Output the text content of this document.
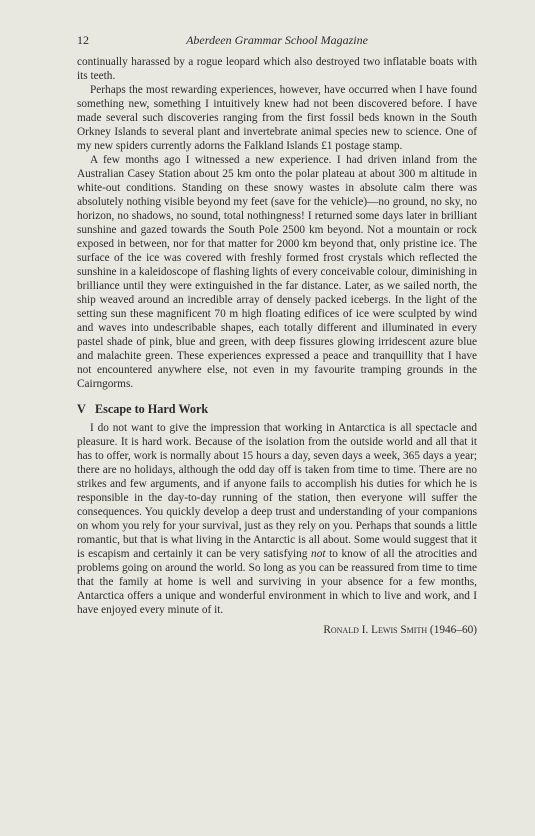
12	Aberdeen Grammar School Magazine

continually harassed by a rogue leopard which also destroyed two inflatable boats with its teeth.

Perhaps the most rewarding experiences, however, have occurred when I have found something new, something I intuitively knew had not been discovered before. I have made several such discoveries ranging from the first fossil beds known in the South Orkney Islands to several plant and invertebrate animal species new to science. One of my new spiders currently adorns the Falkland Islands £1 postage stamp.

A few months ago I witnessed a new experience. I had driven inland from the Australian Casey Station about 25 km onto the polar plateau at about 300 m altitude in white-out conditions. Standing on these snowy wastes in absolute calm there was absolutely nothing visible beyond my feet (save for the vehicle)—no ground, no sky, no horizon, no shadows, no sound, total nothingness! I returned some days later in brilliant sunshine and gazed towards the South Pole 2500 km beyond. Not a mountain or rock exposed in between, nor for that matter for 2000 km beyond that, only pristine ice. The surface of the ice was covered with freshly formed frost crystals which reflected the sunshine in a kaleidoscope of flashing lights of every conceivable colour, diminishing in brilliance until they were extinguished in the far distance. Later, as we sailed north, the ship weaved around an incredible array of densely packed icebergs. In the light of the setting sun these magnificent 70 m high floating edifices of ice were sculpted by wind and waves into undescribable shapes, each totally different and illuminated in every pastel shade of pink, blue and green, with deep fissures glowing irridescent azure blue and malachite green. These experiences expressed a peace and tranquillity that I have not encountered anywhere else, not even in my favourite tramping grounds in the Cairngorms.

V Escape to Hard Work

I do not want to give the impression that working in Antarctica is all spectacle and pleasure. It is hard work. Because of the isolation from the outside world and all that it has to offer, work is normally about 15 hours a day, seven days a week, 365 days a year; there are no holidays, although the odd day off is taken from time to time. There are no strikes and few arguments, and if anyone fails to accomplish his duties for which he is responsible in the day-to-day running of the station, then everyone will suffer the consequences. You quickly develop a deep trust and understanding of your companions on whom you rely for your survival, just as they rely on you. Perhaps that sounds a little romantic, but that is what living in the Antarctic is all about. Some would suggest that it is escapism and certainly it can be very satisfying not to know of all the atrocities and problems going on around the world. So long as you can be reassured from time to time that the family at home is well and surviving in your absence for a few months, Antarctica offers a unique and wonderful environment in which to live and work, and I have enjoyed every minute of it.

Ronald I. Lewis Smith (1946–60)
